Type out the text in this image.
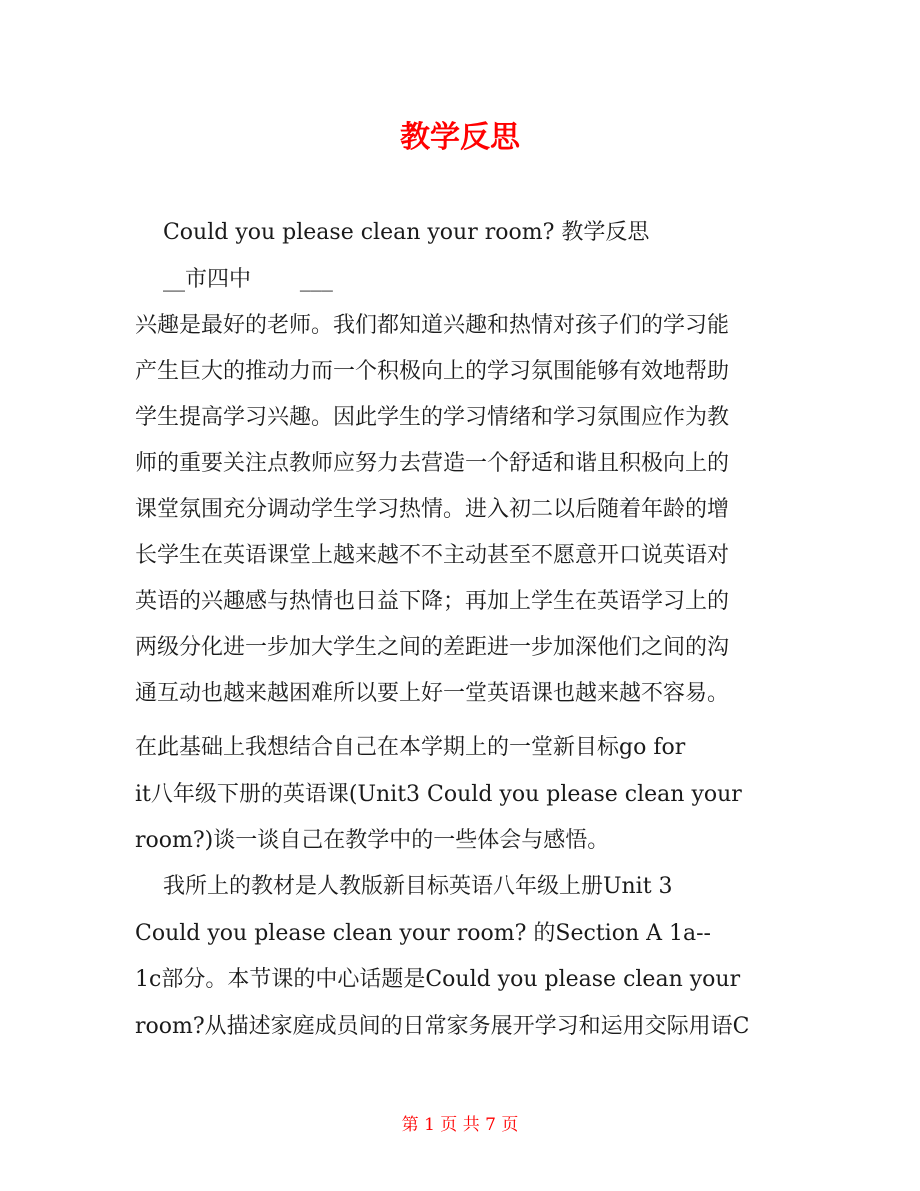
教学反思
Could you please clean your room? 教学反思
__市四中       ___
兴趣是最好的老师。我们都知道兴趣和热情对孩子们的学习能
产生巨大的推动力而一个积极向上的学习氛围能够有效地帮助
学生提高学习兴趣。因此学生的学习情绪和学习氛围应作为教
师的重要关注点教师应努力去营造一个舒适和谐且积极向上的
课堂氛围充分调动学生学习热情。进入初二以后随着年龄的增
长学生在英语课堂上越来越不不主动甚至不愿意开口说英语对
英语的兴趣感与热情也日益下降；再加上学生在英语学习上的
两级分化进一步加大学生之间的差距进一步加深他们之间的沟
通互动也越来越困难所以要上好一堂英语课也越来越不容易。
在此基础上我想结合自己在本学期上的一堂新目标go for
it八年级下册的英语课(Unit3 Could you please clean your
room?)谈一谈自己在教学中的一些体会与感悟。
我所上的教材是人教版新目标英语八年级上册Unit 3
Could you please clean your room? 的Section A 1a--
1c部分。本节课的中心话题是Could you please clean your
room?从描述家庭成员间的日常家务展开学习和运用交际用语C
第 1 页 共 7 页
